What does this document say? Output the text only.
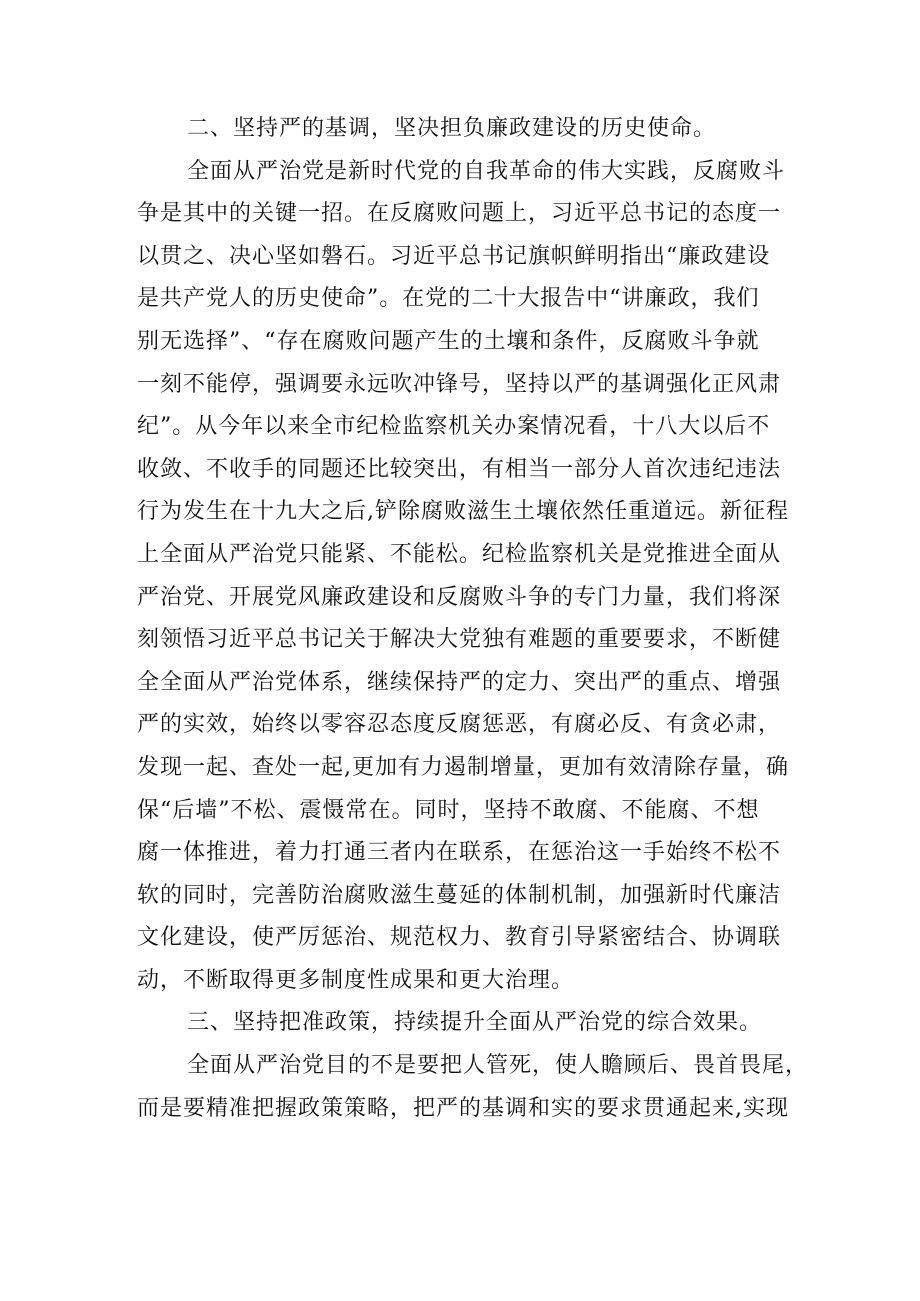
二、坚持严的基调，坚决担负廉政建设的历史使命。
全面从严治党是新时代党的自我革命的伟大实践，反腐败斗
争是其中的关键一招。在反腐败问题上，习近平总书记的态度一
以贯之、决心坚如磐石。习近平总书记旗帜鲜明指出“廉政建设
是共产党人的历史使命”。在党的二十大报告中“讲廉政，我们
别无选择”、“存在腐败问题产生的土壤和条件，反腐败斗争就
一刻不能停，强调要永远吹冲锋号，坚持以严的基调强化正风肃
纪”。从今年以来全市纪检监察机关办案情况看，十八大以后不
收敛、不收手的同题还比较突出，有相当一部分人首次违纪违法
行为发生在十九大之后,铲除腐败滋生土壤依然任重道远。新征程
上全面从严治党只能紧、不能松。纪检监察机关是党推进全面从
严治党、开展党风廉政建设和反腐败斗争的专门力量，我们将深
刻领悟习近平总书记关于解决大党独有难题的重要要求，不断健
全全面从严治党体系，继续保持严的定力、突出严的重点、增强
严的实效，始终以零容忍态度反腐惩恶，有腐必反、有贪必肃，
发现一起、查处一起,更加有力遏制增量，更加有效清除存量，确
保“后墙”不松、震慑常在。同时，坚持不敢腐、不能腐、不想
腐一体推进，着力打通三者内在联系，在惩治这一手始终不松不
软的同时，完善防治腐败滋生蔓延的体制机制，加强新时代廉洁
文化建设，使严厉惩治、规范权力、教育引导紧密结合、协调联
动，不断取得更多制度性成果和更大治理。
三、坚持把准政策，持续提升全面从严治党的综合效果。
全面从严治党目的不是要把人管死，使人瞻顾后、畏首畏尾，
而是要精准把握政策策略，把严的基调和实的要求贯通起来,实现
